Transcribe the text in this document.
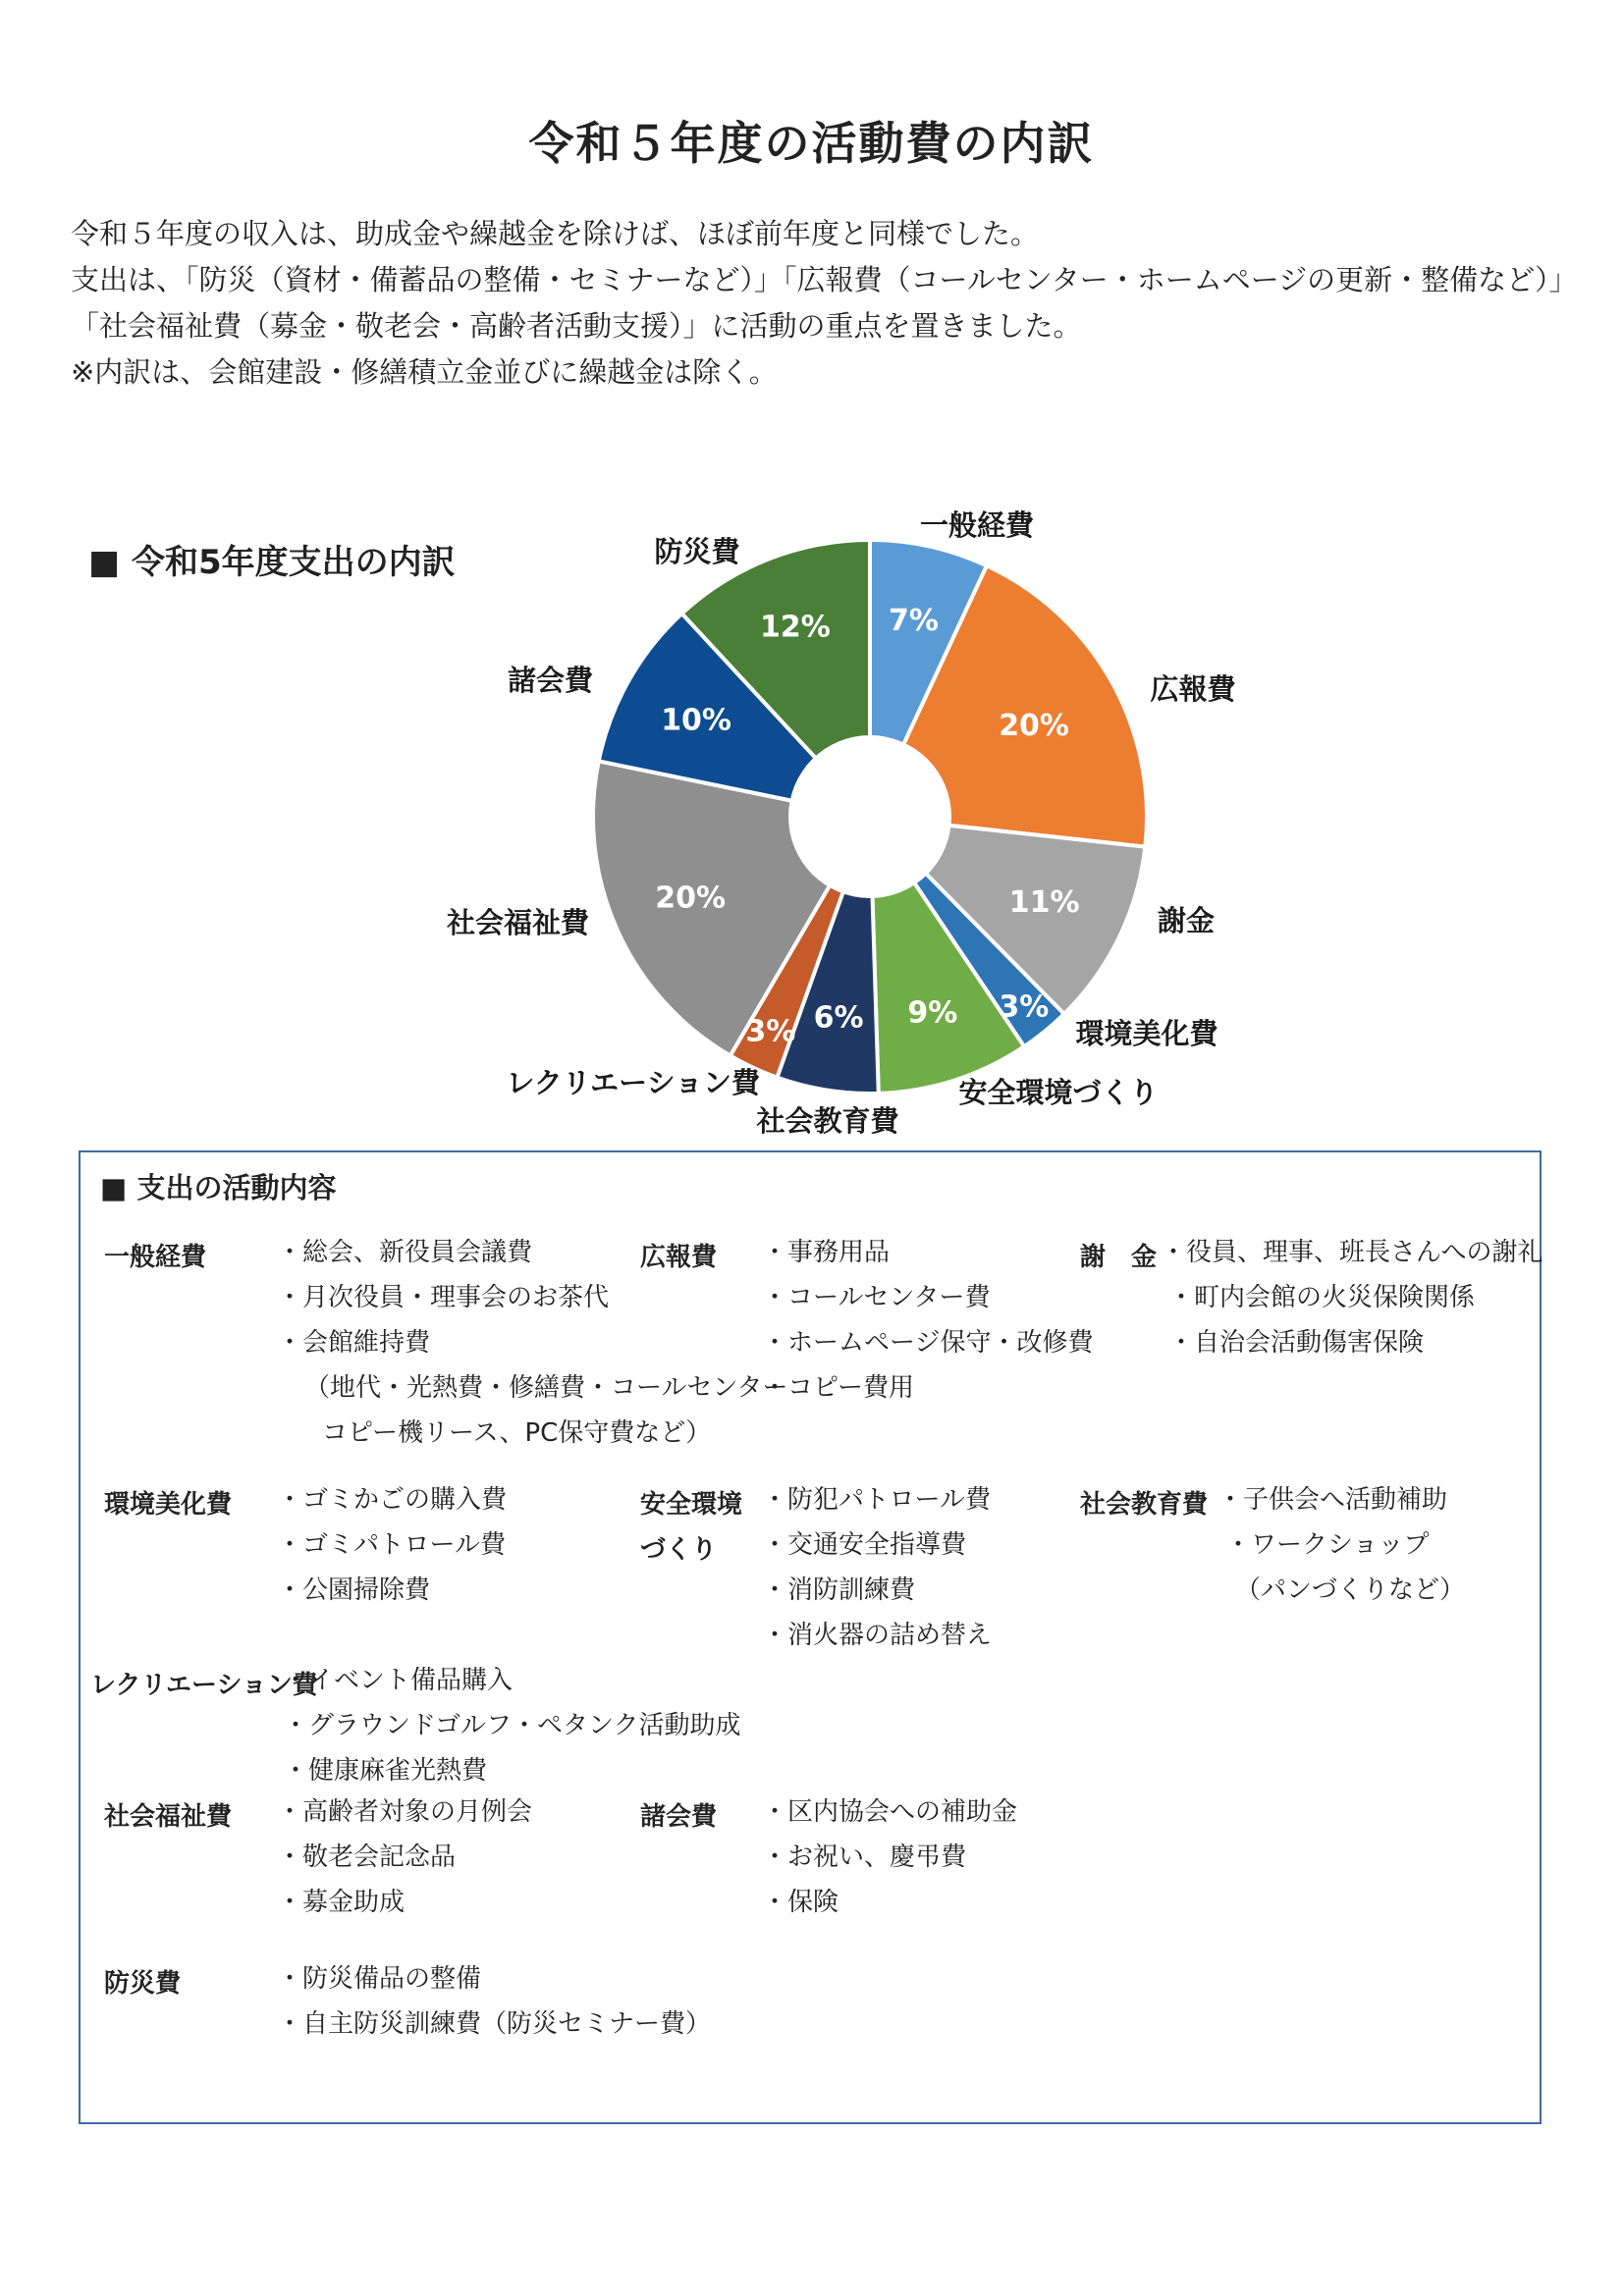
令和５年度の活動費の内訳
令和５年度の収入は、助成金や繰越金を除けば、ほぼ前年度と同様でした。
支出は、「防災（資材・備蓄品の整備・セミナーなど）」「広報費（コールセンター・ホームページの更新・整備など）」
「社会福祉費（募金・敬老会・高齢者活動支援）」に活動の重点を置きました。
※内訳は、会館建設・修繕積立金並びに繰越金は除く。
■ 令和5年度支出の内訳
7%
20%
11%
3%
9%
6%
3%
20%
10%
12%
一般経費
広報費
謝金
環境美化費
安全環境づくり
社会教育費
レクリエーション費
社会福祉費
諸会費
防災費
■ 支出の活動内容
一般経費	・総会、新役員会議費
・月次役員・理事会のお茶代
・会館維持費
（地代・光熱費・修繕費・コールセンター
コピー機リース、PC保守費など）
広報費 ・事務用品
・コールセンター費
・ホームページ保守・改修費
・コピー費用
謝　金 ・役員、理事、班長さんへの謝礼
・町内会館の火災保険関係
・自治会活動傷害保険
環境美化費 ・ゴミかごの購入費
・ゴミパトロール費
・公園掃除費
安全環境
づくり
・防犯パトロール費
・交通安全指導費
・消防訓練費
・消火器の詰め替え
社会教育費 ・子供会へ活動補助
・ワークショップ
（パンづくりなど）
レクリエーション費
・イベント備品購入
・グラウンドゴルフ・ペタンク活動助成
・健康麻雀光熱費
社会福祉費 ・高齢者対象の月例会
・敬老会記念品
・募金助成
諸会費 ・区内協会への補助金
・お祝い、慶弔費
・保険
防災費	・防災備品の整備
・自主防災訓練費（防災セミナー費）
